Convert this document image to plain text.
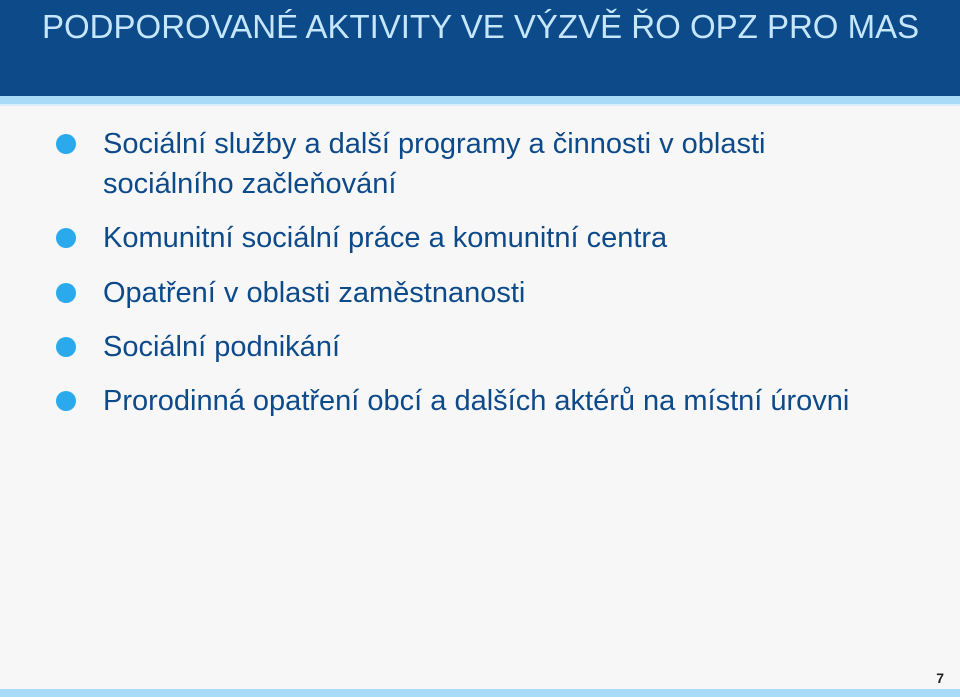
PODPOROVANÉ AKTIVITY VE VÝZVĚ ŘO OPZ PRO MAS
Sociální služby a další programy a činnosti v oblasti sociálního začleňování
Komunitní sociální práce a komunitní centra
Opatření v oblasti zaměstnanosti
Sociální podnikání
Prorodinná opatření obcí a dalších aktérů na místní úrovni
7
